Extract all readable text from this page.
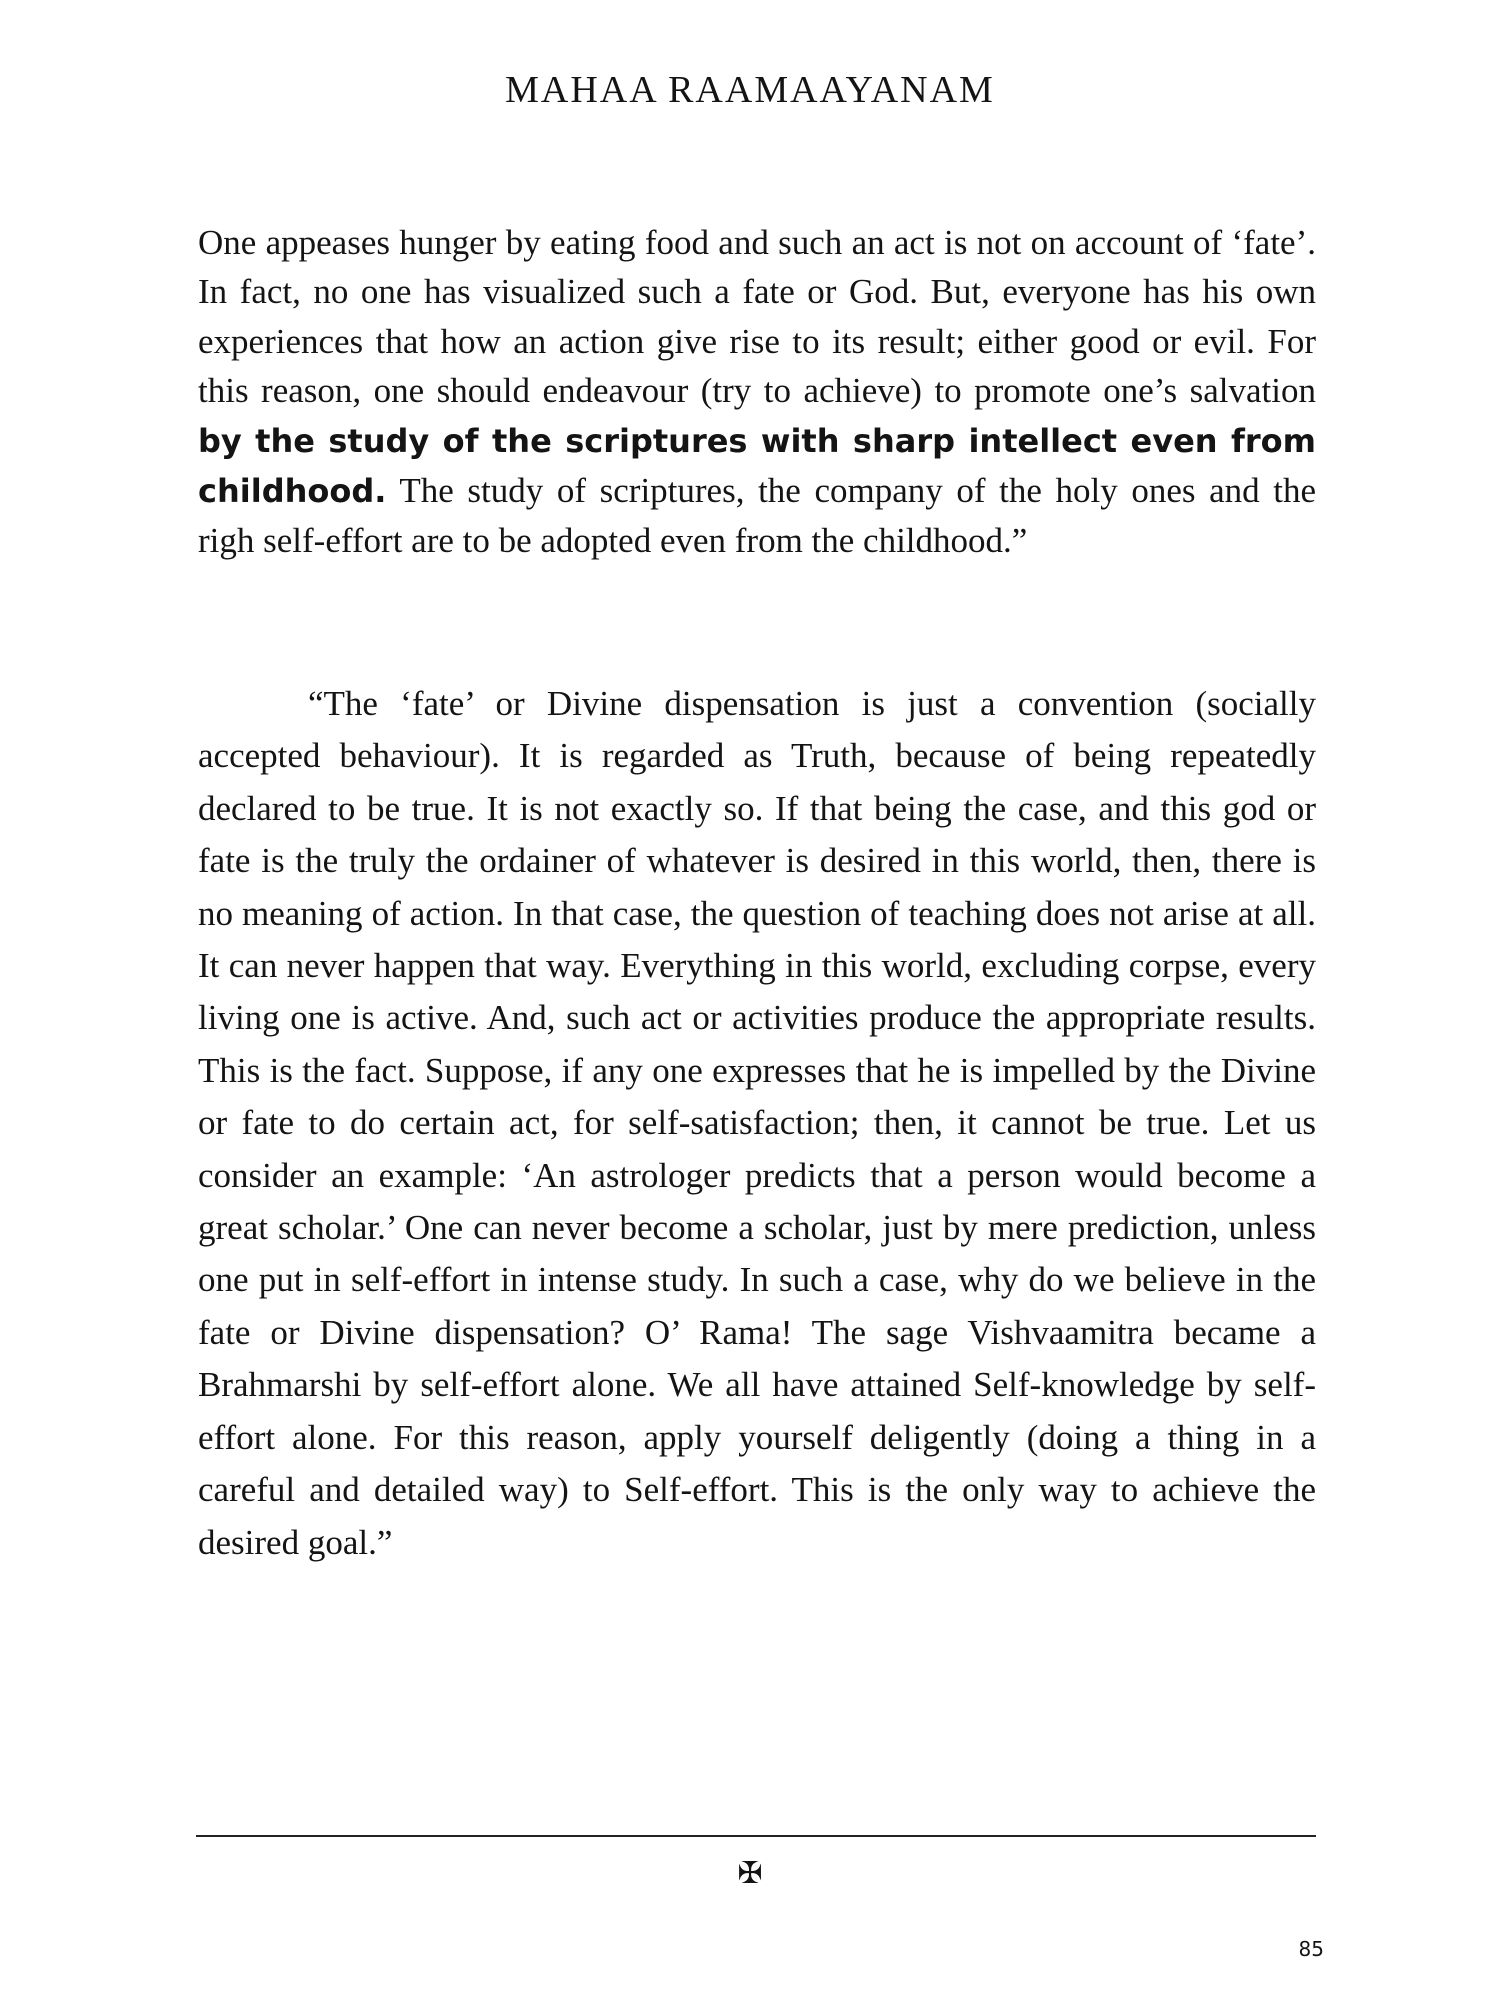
MAHAA RAAMAAYANAM
One appeases hunger by eating food and such an act is not on account of ‘fate’. In fact, no one has visualized such a fate or God. But, everyone has his own experiences that how an action give rise to its result; either good or evil. For this reason, one should endeavour (try to achieve) to promote one’s salvation by the study of the scriptures with sharp intellect even from childhood. The study of scriptures, the company of the holy ones and the righ self-effort are to be adopted even from the childhood.”
“The ‘fate’ or Divine dispensation is just a convention (socially accepted behaviour). It is regarded as Truth, because of being repeatedly declared to be true. It is not exactly so. If that being the case, and this god or fate is the truly the ordainer of whatever is desired in this world, then, there is no meaning of action. In that case, the question of teaching does not arise at all. It can never happen that way. Everything in this world, excluding corpse, every living one is active. And, such act or activities produce the appropriate results. This is the fact. Suppose, if any one expresses that he is impelled by the Divine or fate to do certain act, for self-satisfaction; then, it cannot be true. Let us consider an example: ‘An astrologer predicts that a person would become a great scholar.’ One can never become a scholar, just by mere prediction, unless one put in self-effort in intense study. In such a case, why do we believe in the fate or Divine dispensation? O’ Rama! The sage Vishvaamitra became a Brahmarshi by self-effort alone. We all have attained Self-knowledge by self-effort alone. For this reason, apply yourself deligently (doing a thing in a careful and detailed way) to Self-effort. This is the only way to achieve the desired goal.”
✠
85
